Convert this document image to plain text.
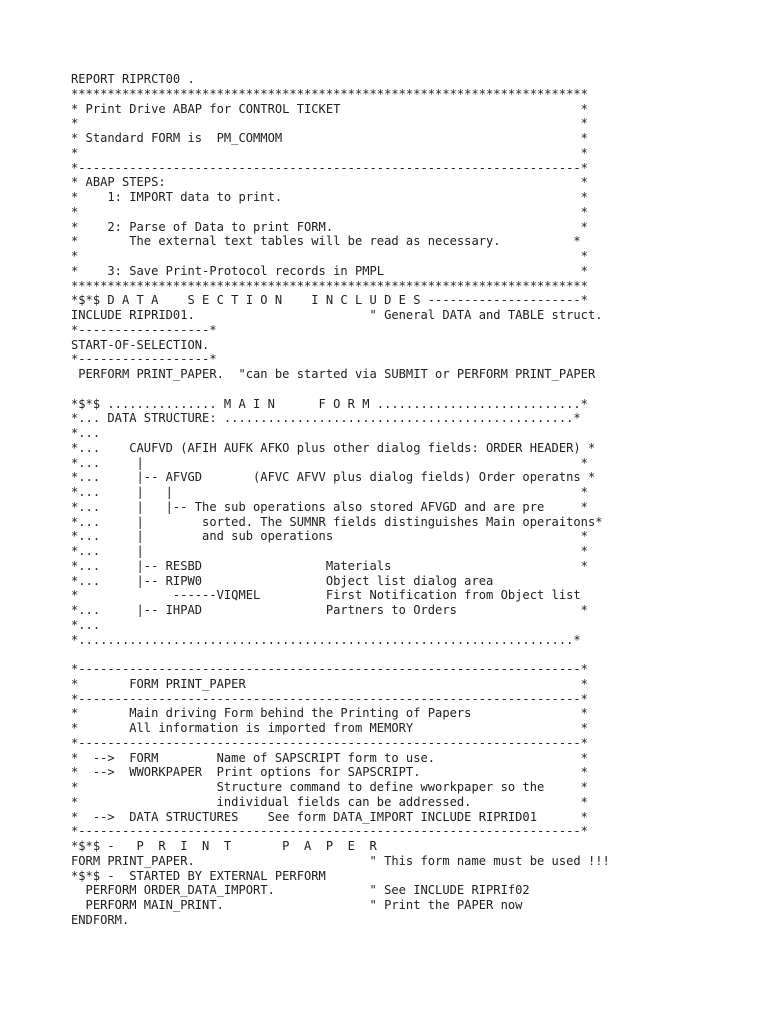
REPORT RIPRCT00 .
***********************************************************************
* Print Drive ABAP for CONTROL TICKET                                 *
*                                                                     *
* Standard FORM is  PM_COMMOM                                         *
*                                                                     *
*---------------------------------------------------------------------*
* ABAP STEPS:                                                         *
*    1: IMPORT data to print.                                         *
*                                                                     *
*    2: Parse of Data to print FORM.                                  *
*       The external text tables will be read as necessary.          *
*                                                                     *
*    3: Save Print-Protocol records in PMPL                           *
***********************************************************************
*$*$ D A T A    S E C T I O N    I N C L U D E S ---------------------*
INCLUDE RIPRID01.                        " General DATA and TABLE struct.
*------------------*
START-OF-SELECTION.
*------------------*
PERFORM PRINT_PAPER.  "can be started via SUBMIT or PERFORM PRINT_PAPER

*$*$ ............... M A I N      F O R M ............................*
*... DATA STRUCTURE: ................................................*
*...
*...    CAUFVD (AFIH AUFK AFKO plus other dialog fields: ORDER HEADER) *
*...     |                                                            *
*...     |-- AFVGD       (AFVC AFVV plus dialog fields) Order operatns *
*...     |   |                                                        *
*...     |   |-- The sub operations also stored AFVGD and are pre     *
*...     |        sorted. The SUMNR fields distinguishes Main operaitons*
*...     |        and sub operations                                  *
*...     |                                                            *
*...     |-- RESBD                 Materials                          *
*...     |-- RIPW0                 Object list dialog area
*             ------VIQMEL         First Notification from Object list
*...     |-- IHPAD                 Partners to Orders                 *
*...
*....................................................................*

*---------------------------------------------------------------------*
*       FORM PRINT_PAPER                                              *
*---------------------------------------------------------------------*
*       Main driving Form behind the Printing of Papers               *
*       All information is imported from MEMORY                       *
*---------------------------------------------------------------------*
*  -->  FORM        Name of SAPSCRIPT form to use.                    *
*  -->  WWORKPAPER  Print options for SAPSCRIPT.                      *
*                   Structure command to define wworkpaper so the     *
*                   individual fields can be addressed.               *
*  -->  DATA STRUCTURES    See form DATA_IMPORT INCLUDE RIPRID01      *
*---------------------------------------------------------------------*
*$*$ -   P  R  I  N  T       P  A  P  E  R
FORM PRINT_PAPER.                        " This form name must be used !!!
*$*$ -  STARTED BY EXTERNAL PERFORM
PERFORM ORDER_DATA_IMPORT.             " See INCLUDE RIPRIf02
PERFORM MAIN_PRINT.                    " Print the PAPER now
ENDFORM.
